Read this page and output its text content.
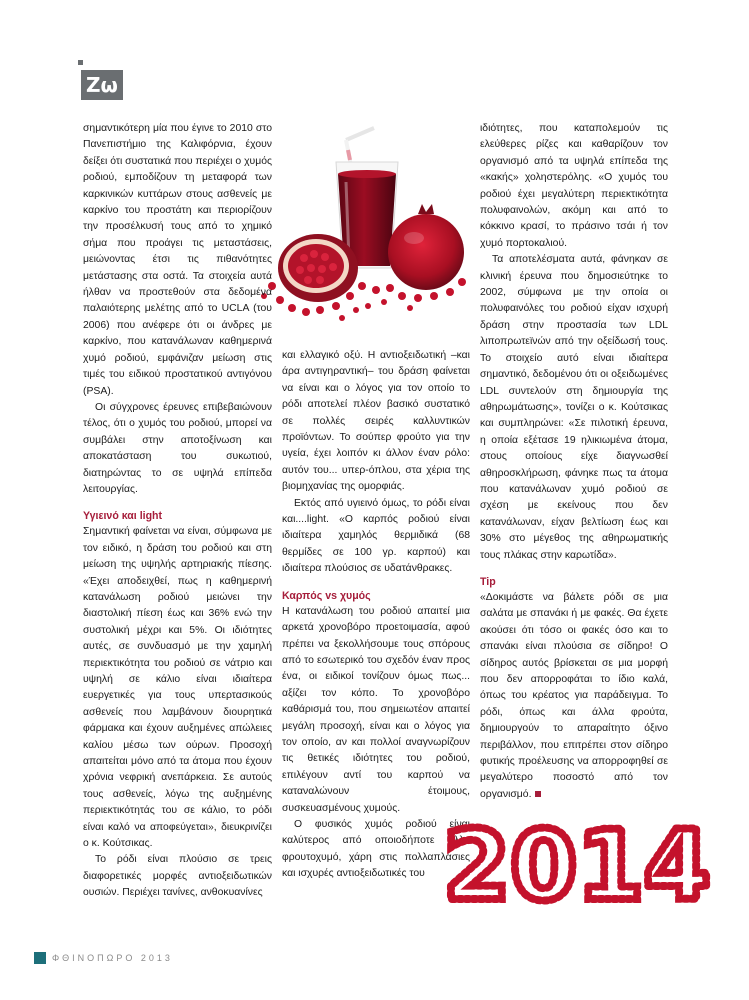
Ζω

σημαντικότερη μία που έγινε το 2010 στο Πανεπιστήμιο της Καλιφόρνια, έχουν δείξει ότι συστατικά που περιέχει ο χυμός ροδιού, εμποδίζουν τη μεταφορά των καρκινικών κυττάρων στους ασθενείς με καρκίνο του προστάτη και περιορίζουν την προσέλκυσή τους από το χημικό σήμα που προάγει τις μεταστάσεις, μειώνοντας έτσι τις πιθανότητες μετάστασης στα οστά. Τα στοιχεία αυτά ήλθαν να προστεθούν στα δεδομένα παλαιότερης μελέτης από το UCLA (του 2006) που ανέφερε ότι οι άνδρες με καρκίνο, που κατανάλωναν καθημερινά χυμό ροδιού, εμφάνιζαν μείωση στις τιμές του ειδικού προστατικού αντιγόνου (PSA).

Οι σύγχρονες έρευνες επιβεβαιώνουν τέλος, ότι ο χυμός του ροδιού, μπορεί να συμβάλει στην αποτοξίνωση και αποκατάσταση του συκωτιού, διατηρώντας το σε υψηλά επίπεδα λειτουργίας.

Υγιεινό και light

Σημαντική φαίνεται να είναι, σύμφωνα με τον ειδικό, η δράση του ροδιού και στη μείωση της υψηλής αρτηριακής πίεσης. «Έχει αποδειχθεί, πως η καθημερινή κατανάλωση ροδιού μειώνει την διαστολική πίεση έως και 36% ενώ την συστολική μέχρι και 5%. Οι ιδιότητες αυτές, σε συνδυασμό με την χαμηλή περιεκτικότητα του ροδιού σε νάτριο και υψηλή σε κάλιο είναι ιδιαίτερα ευεργετικές για τους υπερτασικούς ασθενείς που λαμβάνουν διουρητικά φάρμακα και έχουν αυξημένες απώλειες καλίου μέσω των ούρων. Προσοχή απαιτείται μόνο από τα άτομα που έχουν χρόνια νεφρική ανεπάρκεια. Σε αυτούς τους ασθενείς, λόγω της αυξημένης περιεκτικότητάς του σε κάλιο, το ρόδι είναι καλό να αποφεύγεται», διευκρινίζει ο κ. Κούτσικας.

Το ρόδι είναι πλούσιο σε τρεις διαφορετικές μορφές αντιοξειδωτικών ουσιών. Περιέχει τανίνες, ανθοκυανίνες

και ελλαγικό οξύ. Η αντιοξειδωτική –και άρα αντιγηραντική– του δράση φαίνεται να είναι και ο λόγος για τον οποίο το ρόδι αποτελεί πλέον βασικό συστατικό σε πολλές σειρές καλλυντικών προϊόντων. Το σούπερ φρούτο για την υγεία, έχει λοιπόν κι άλλον έναν ρόλο: αυτόν του... υπερ-όπλου, στα χέρια της βιομηχανίας της ομορφιάς.

Εκτός από υγιεινό όμως, το ρόδι είναι και....light. «Ο καρπός ροδιού είναι ιδιαίτερα χαμηλός θερμιδικά (68 θερμίδες σε 100 γρ. καρπού) και ιδιαίτερα πλούσιος σε υδατάνθρακες.

Καρπός vs χυμός

Η κατανάλωση του ροδιού απαιτεί μια αρκετά χρονοβόρο προετοιμασία, αφού πρέπει να ξεκολλήσουμε τους σπόρους από το εσωτερικό του σχεδόν έναν προς ένα, οι ειδικοί τονίζουν όμως πως... αξίζει τον κόπο. Το χρονοβόρο καθάρισμά του, που σημειωτέον απαιτεί μεγάλη προσοχή, είναι και ο λόγος για τον οποίο, αν και πολλοί αναγνωρίζουν τις θετικές ιδιότητες του ροδιού, επιλέγουν αντί του καρπού να καταναλώνουν έτοιμους, συσκευασμένους χυμούς.

Ο φυσικός χυμός ροδιού είναι καλύτερος από οποιοδήποτε άλλο φρουτοχυμό, χάρη στις πολλαπλάσιες και ισχυρές αντιοξειδωτικές του

ιδιότητες, που καταπολεμούν τις ελεύθερες ρίζες και καθαρίζουν τον οργανισμό από τα υψηλά επίπεδα της «κακής» χοληστερόλης. «Ο χυμός του ροδιού έχει μεγαλύτερη περιεκτικότητα πολυφαινολών, ακόμη και από το κόκκινο κρασί, το πράσινο τσάι ή τον χυμό πορτοκαλιού.

Τα αποτελέσματα αυτά, φάνηκαν σε κλινική έρευνα που δημοσιεύτηκε το 2002, σύμφωνα με την οποία οι πολυφαινόλες του ροδιού είχαν ισχυρή δράση στην προστασία των LDL λιποπρωτεϊνών από την οξείδωσή τους. Το στοιχείο αυτό είναι ιδιαίτερα σημαντικό, δεδομένου ότι οι οξειδωμένες LDL συντελούν στη δημιουργία της αθηρωμάτωσης», τονίζει ο κ. Κούτσικας και συμπληρώνει: «Σε πιλοτική έρευνα, η οποία εξέτασε 19 ηλικιωμένα άτομα, στους οποίους είχε διαγνωσθεί αθηροσκλήρωση, φάνηκε πως τα άτομα που κατανάλωναν χυμό ροδιού σε σχέση με εκείνους που δεν κατανάλωναν, είχαν βελτίωση έως και 30% στο μέγεθος της αθηρωματικής τους πλάκας στην καρωτίδα».

Tip

«Δοκιμάστε να βάλετε ρόδι σε μια σαλάτα με σπανάκι ή με φακές. Θα έχετε ακούσει ότι τόσο οι φακές όσο και το σπανάκι είναι πλούσια σε σίδηρο! Ο σίδηρος αυτός βρίσκεται σε μια μορφή που δεν απορροφάται το ίδιο καλά, όπως του κρέατος για παράδειγμα. Το ρόδι, όπως και άλλα φρούτα, δημιουργούν το απαραίτητο όξινο περιβάλλον, που επιτρέπει στον σίδηρο φυτικής προέλευσης να απορροφηθεί σε μεγαλύτερο ποσοστό από τον οργανισμό.

2014
ΦΘΙΝΟΠΩΡΟ 2013
